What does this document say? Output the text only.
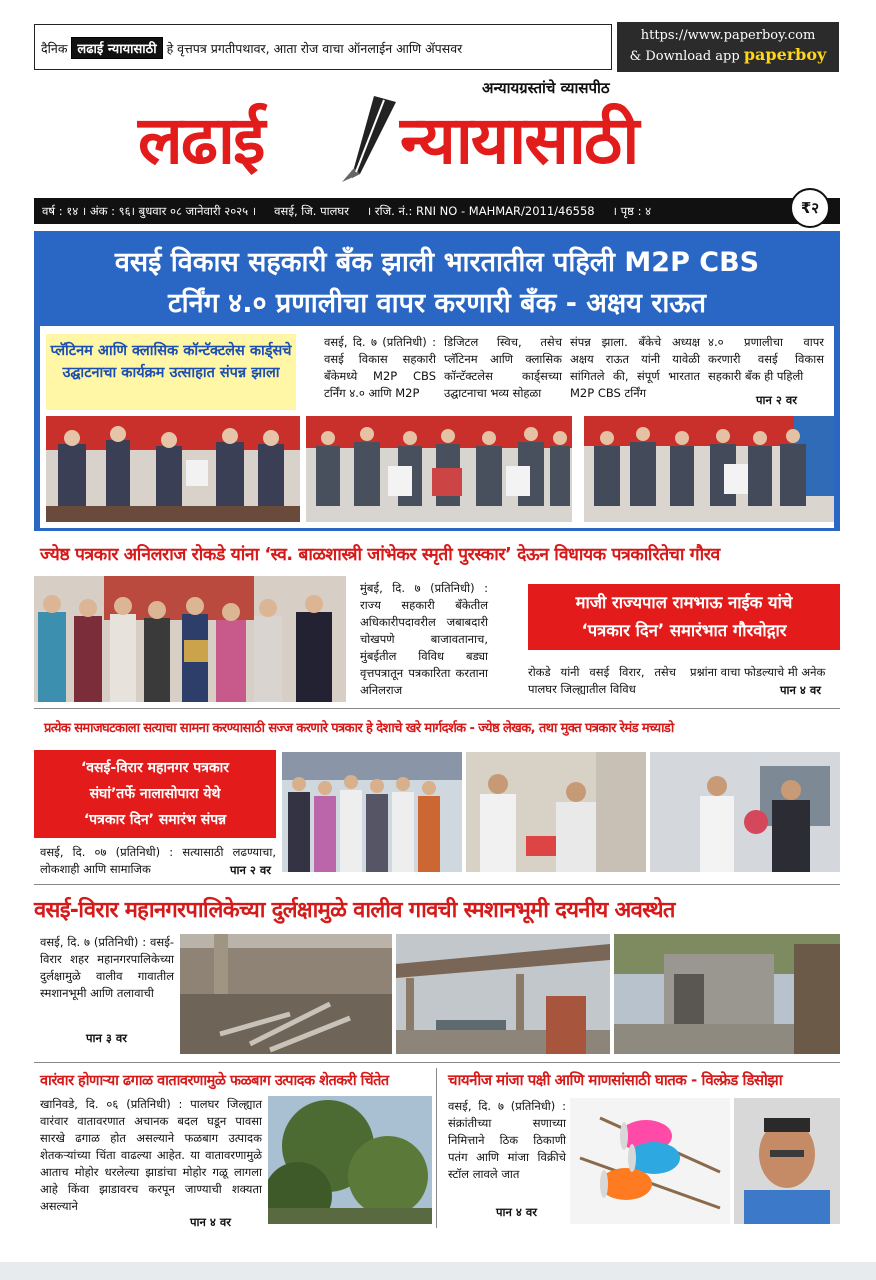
दैनिक लढाई न्यायासाठी हे वृत्तपत्र प्रगतीपथावर, आता रोज वाचा ऑनलाईन आणि ॲपसवर
https://www.paperboy.com
& Download app paperboy
अन्यायग्रस्तांचे व्यासपीठ
लढाई न्यायासाठी
वर्ष : १४ । अंक : ९६। बुधवार ०८ जानेवारी २०२५ । वसई, जि. पालघर । रजि. नं.: RNI NO - MAHMAR/2011/46558 । पृष्ठ : ४	₹२
वसई विकास सहकारी बँक झाली भारतातील पहिली M2P CBS
टर्निंग ४.० प्रणालीचा वापर करणारी बँक - अक्षय राऊत
प्लॅटिनम आणि क्लासिक कॉन्टॅक्टलेस कार्ड्सचे उद्घाटनाचा कार्यक्रम उत्साहात संपन्न झाला
वसई, दि. ७ (प्रतिनिधी) : वसई विकास सहकारी बँकेमध्ये M2P CBS टर्निंग ४.० आणि M2P
डिजिटल स्विच, तसेच प्लॅटिनम आणि क्लासिक कॉन्टॅक्टलेस कार्ड्सच्या उद्घाटनाचा भव्य सोहळा
संपन्न झाला. बँकेचे अध्यक्ष अक्षय राऊत यांनी यावेळी सांगितले की, संपूर्ण भारतात M2P CBS टर्निंग
४.० प्रणालीचा वापर करणारी वसई विकास सहकारी बँक ही पहिली
पान २ वर
ज्येष्ठ पत्रकार अनिलराज रोकडे यांना ‘स्व. बाळशास्त्री जांभेकर स्मृती पुरस्कार’ देऊन विधायक पत्रकारितेचा गौरव
मुंबई, दि. ७ (प्रतिनिधी) : राज्य सहकारी बँकेतील अधिकारीपदावरील जबाबदारी चोखपणे बाजावतानाच, मुंबईतील विविध बड्या वृत्तपत्रातून पत्रकारिता करताना अनिलराज
माजी राज्यपाल रामभाऊ नाईक यांचे
‘पत्रकार दिन’ समारंभात गौरवोद्गार
रोकडे यांनी वसई विरार, तसेच पालघर जिल्ह्यातील विविध
प्रश्नांना वाचा फोडल्याचे मी अनेक
पान ४ वर
प्रत्येक समाजघटकाला सत्याचा सामना करण्यासाठी सज्ज करणारे पत्रकार हे देशाचे खरे मार्गदर्शक - ज्येष्ठ लेखक, तथा मुक्त पत्रकार रेमंड मच्याडो
‘वसई-विरार महानगर पत्रकार
संघां’तर्फे नालासोपारा येथे
‘पत्रकार दिन’ समारंभ संपन्न
वसई, दि. ०७ (प्रतिनिधी) : सत्यासाठी लढण्याचा, लोकशाही आणि सामाजिक	पान २ वर
वसई-विरार महानगरपालिकेच्या दुर्लक्षामुळे वालीव गावची स्मशानभूमी दयनीय अवस्थेत
वसई, दि. ७ (प्रतिनिधी) : वसई-विरार शहर महानगरपालिकेच्या दुर्लक्षामुळे वालीव गावातील स्मशानभूमी आणि तलावाची
पान ३ वर
वारंवार होणाऱ्या ढगाळ वातावरणामुळे फळबाग उत्पादक शेतकरी चिंतेत
खानिवडे, दि. ०६ (प्रतिनिधी) : पालघर जिल्ह्यात वारंवार वातावरणात अचानक बदल घडून पावसा सारखे ढगाळ होत असल्याने फळबाग उत्पादक शेतकऱ्यांच्या चिंता वाढल्या आहेत. या वातावरणामुळे आताच मोहोर धरलेल्या झाडांचा मोहोर गळू लागला आहे किंवा झाडावरच करपून जाण्याची शक्यता असल्याने
पान ४ वर
चायनीज मांजा पक्षी आणि माणसांसाठी घातक - विल्फ्रेड डिसोझा
वसई, दि. ७ (प्रतिनिधी) : संक्रांतीच्या सणाच्या निमित्ताने ठिक ठिकाणी पतंग आणि मांजा विक्रीचे स्टॉल लावले जात
पान ४ वर
